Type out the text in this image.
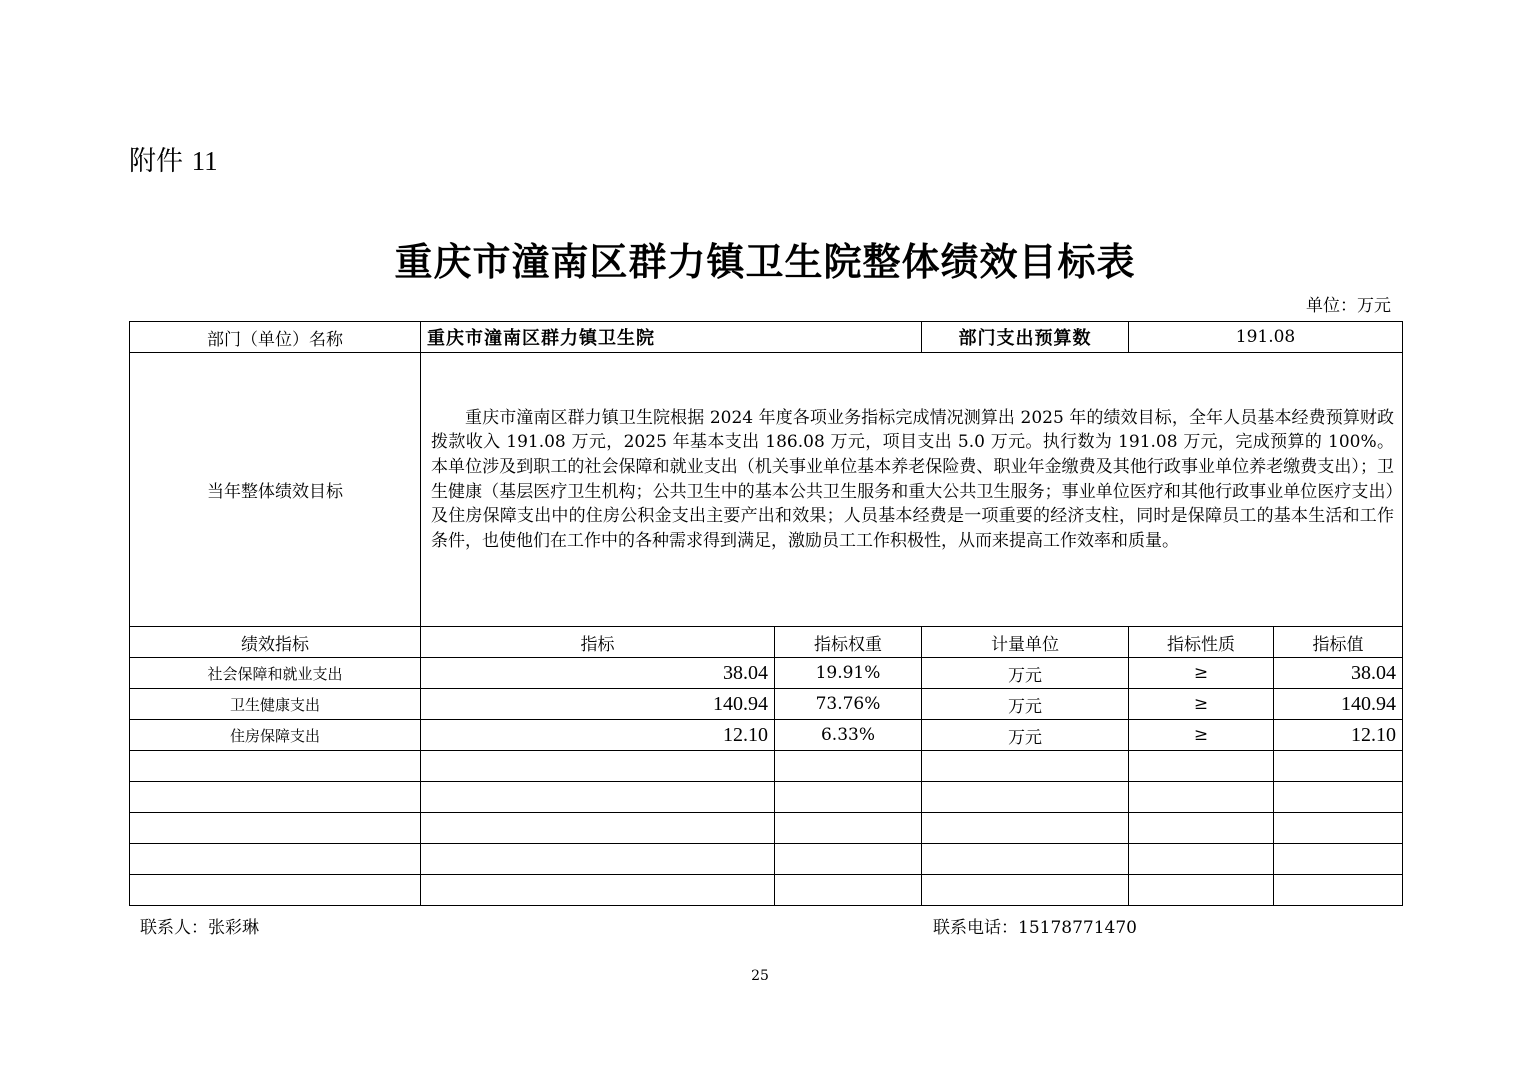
附件 11
重庆市潼南区群力镇卫生院整体绩效目标表
单位：万元
部门（单位）名称	重庆市潼南区群力镇卫生院		部门支出预算数	191.08	
当年整体绩效目标	重庆市潼南区群力镇卫生院根据 2024 年度各项业务指标完成情况测算出 2025 年的绩效目标，全年人员基本经费预算财政拨款收入 191.08 万元，2025 年基本支出 186.08 万元，项目支出 5.0 万元。执行数为 191.08 万元，完成预算的 100%。本单位涉及到职工的社会保障和就业支出（机关事业单位基本养老保险费、职业年金缴费及其他行政事业单位养老缴费支出）；卫生健康（基层医疗卫生机构；公共卫生中的基本公共卫生服务和重大公共卫生服务；事业单位医疗和其他行政事业单位医疗支出）及住房保障支出中的住房公积金支出主要产出和效果；人员基本经费是一项重要的经济支柱，同时是保障员工的基本生活和工作条件，也使他们在工作中的各种需求得到满足，激励员工工作积极性，从而来提高工作效率和质量。				

绩效指标	指标	指标权重	计量单位	指标性质	指标值
社会保障和就业支出	38.04	19.91%	万元	≥	38.04
卫生健康支出	140.94	73.76%	万元	≥	140.94
住房保障支出	12.10	6.33%	万元	≥	12.10

联系人：张彩琳	联系电话：15178771470
25
